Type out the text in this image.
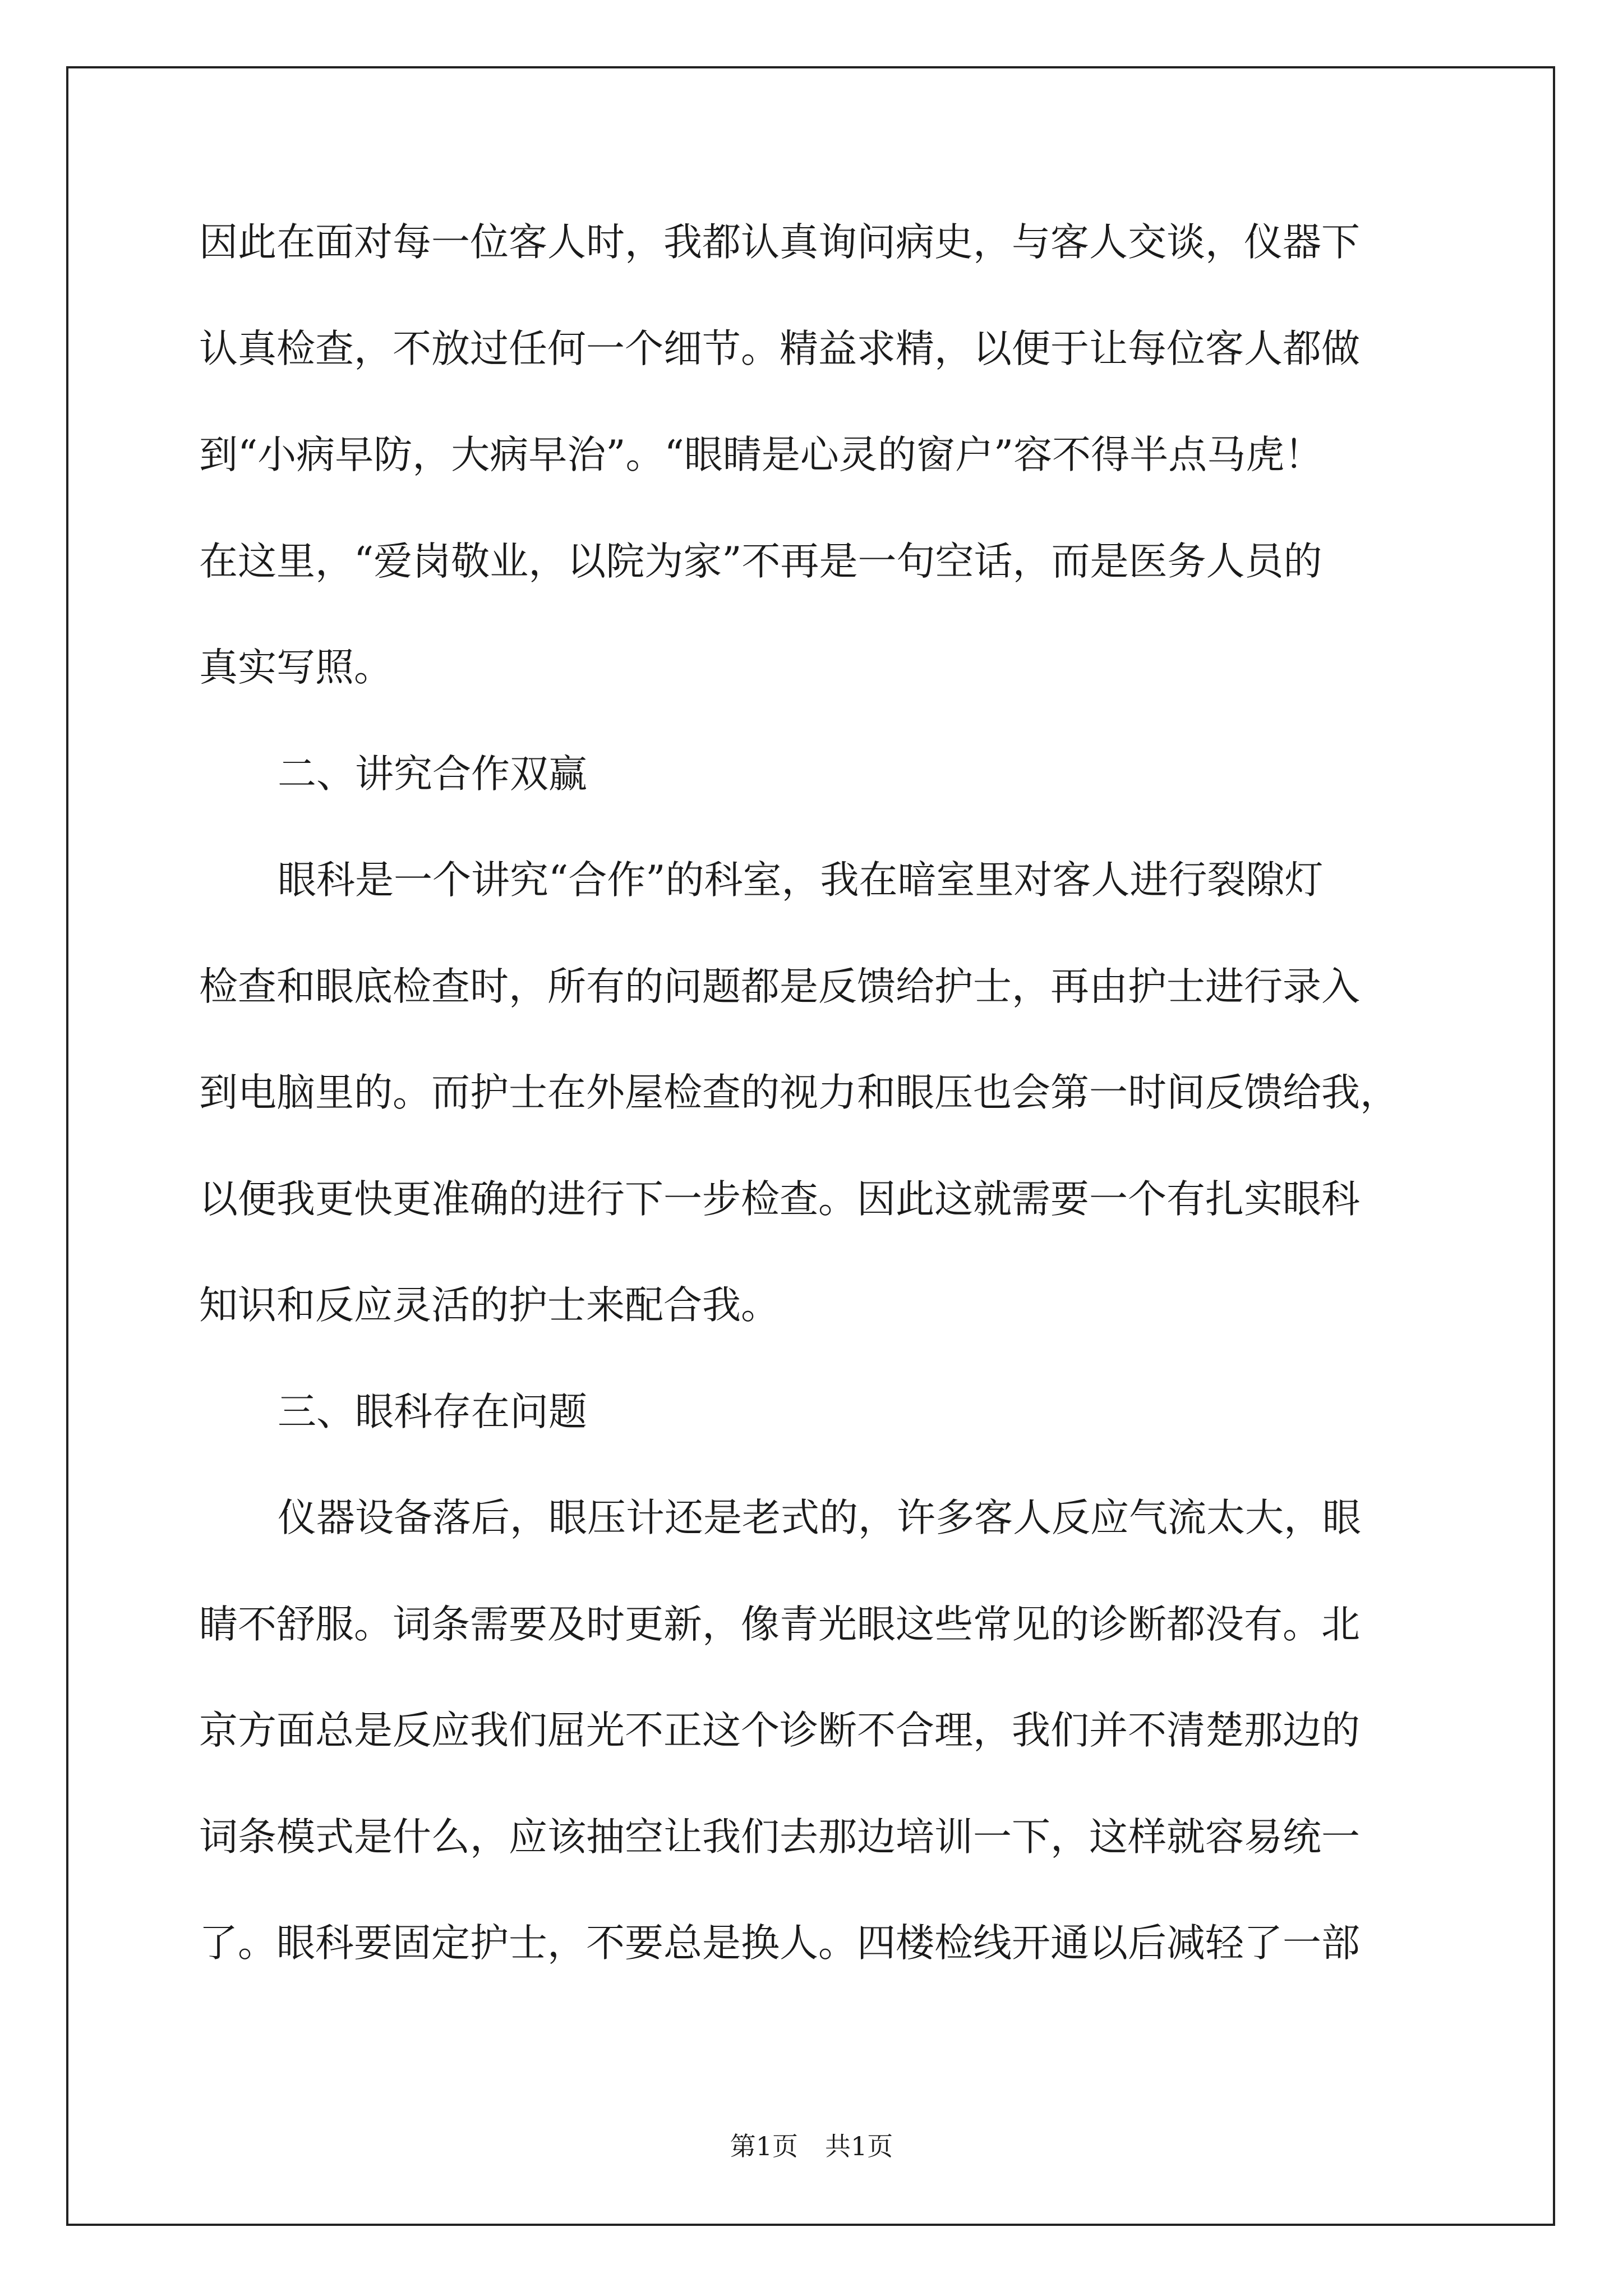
因此在面对每一位客人时，我都认真询问病史，与客人交谈，仪器下
认真检查，不放过任何一个细节。精益求精，以便于让每位客人都做
到“小病早防，大病早治”。“眼睛是心灵的窗户”容不得半点马虎！
在这里，“爱岗敬业，以院为家”不再是一句空话，而是医务人员的
真实写照。
二、讲究合作双赢
眼科是一个讲究“合作”的科室，我在暗室里对客人进行裂隙灯
检查和眼底检查时，所有的问题都是反馈给护士，再由护士进行录入
到电脑里的。而护士在外屋检查的视力和眼压也会第一时间反馈给我，
以便我更快更准确的进行下一步检查。因此这就需要一个有扎实眼科
知识和反应灵活的护士来配合我。
三、眼科存在问题
仪器设备落后，眼压计还是老式的，许多客人反应气流太大，眼
睛不舒服。词条需要及时更新，像青光眼这些常见的诊断都没有。北
京方面总是反应我们屈光不正这个诊断不合理，我们并不清楚那边的
词条模式是什么，应该抽空让我们去那边培训一下，这样就容易统一
了。眼科要固定护士，不要总是换人。四楼检线开通以后减轻了一部
第1页 共1页
